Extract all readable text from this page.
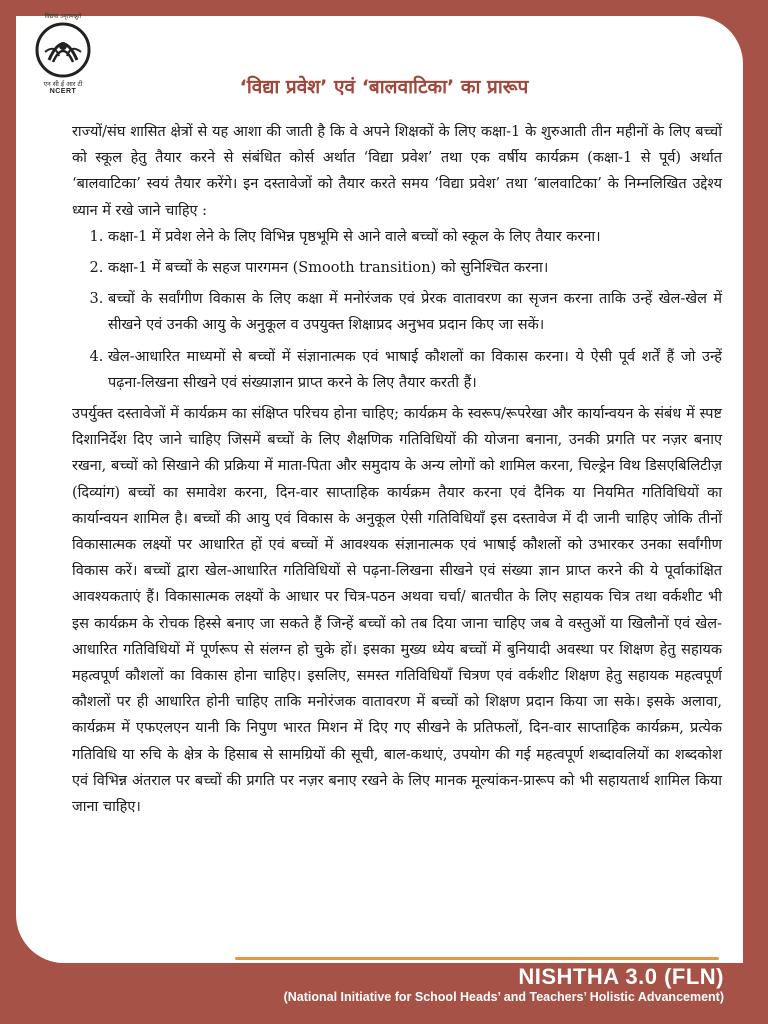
विद्यया ऽमृतमश्नुते
एन सी ई आर टी
NCERT	‘विद्या प्रवेश’ एवं ‘बालवाटिका’ का प्रारूप

राज्यों/संघ शासित क्षेत्रों से यह आशा की जाती है कि वे अपने शिक्षकों के लिए कक्षा-1 के शुरुआती तीन महीनों के लिए बच्चों को स्कूल हेतु तैयार करने से संबंधित कोर्स अर्थात ‘विद्या प्रवेश’ तथा एक वर्षीय कार्यक्रम (कक्षा-1 से पूर्व) अर्थात ‘बालवाटिका’ स्वयं तैयार करेंगे। इन दस्तावेजों को तैयार करते समय ‘विद्या प्रवेश’ तथा ‘बालवाटिका’ के निम्नलिखित उद्देश्य ध्यान में रखे जाने चाहिए :

1. कक्षा-1 में प्रवेश लेने के लिए विभिन्न पृष्ठभूमि से आने वाले बच्चों को स्कूल के लिए तैयार करना।
2. कक्षा-1 में बच्चों के सहज पारगमन (Smooth transition) को सुनिश्चित करना।
3. बच्चों के सर्वांगीण विकास के लिए कक्षा में मनोरंजक एवं प्रेरक वातावरण का सृजन करना ताकि उन्हें खेल-खेल में सीखने एवं उनकी आयु के अनुकूल व उपयुक्त शिक्षाप्रद अनुभव प्रदान किए जा सकें।
4. खेल-आधारित माध्यमों से बच्चों में संज्ञानात्मक एवं भाषाई कौशलों का विकास करना। ये ऐसी पूर्व शर्तें हैं जो उन्हें पढ़ना-लिखना सीखने एवं संख्याज्ञान प्राप्त करने के लिए तैयार करती हैं।

उपर्युक्त दस्तावेजों में कार्यक्रम का संक्षिप्त परिचय होना चाहिए; कार्यक्रम के स्वरूप/रूपरेखा और कार्यान्वयन के संबंध में स्पष्ट दिशानिर्देश दिए जाने चाहिए जिसमें बच्चों के लिए शैक्षणिक गतिविधियों की योजना बनाना, उनकी प्रगति पर नज़र बनाए रखना, बच्चों को सिखाने की प्रक्रिया में माता-पिता और समुदाय के अन्य लोगों को शामिल करना, चिल्ड्रेन विथ डिसएबिलिटीज़ (दिव्यांग) बच्चों का समावेश करना, दिन-वार साप्ताहिक कार्यक्रम तैयार करना एवं दैनिक या नियमित गतिविधियों का कार्यान्वयन शामिल है। बच्चों की आयु एवं विकास के अनुकूल ऐसी गतिविधियाँ इस दस्तावेज में दी जानी चाहिए जोकि तीनों विकासात्मक लक्ष्यों पर आधारित हों एवं बच्चों में आवश्यक संज्ञानात्मक एवं भाषाई कौशलों को उभारकर उनका सर्वांगीण विकास करें। बच्चों द्वारा खेल-आधारित गतिविधियों से पढ़ना-लिखना सीखने एवं संख्या ज्ञान प्राप्त करने की ये पूर्वाकांक्षित आवश्यकताएं हैं। विकासात्मक लक्ष्यों के आधार पर चित्र-पठन अथवा चर्चा/ बातचीत के लिए सहायक चित्र तथा वर्कशीट भी इस कार्यक्रम के रोचक हिस्से बनाए जा सकते हैं जिन्हें बच्चों को तब दिया जाना चाहिए जब वे वस्तुओं या खिलौनों एवं खेल-आधारित गतिविधियों में पूर्णरूप से संलग्न हो चुके हों। इसका मुख्य ध्येय बच्चों में बुनियादी अवस्था पर शिक्षण हेतु सहायक महत्वपूर्ण कौशलों का विकास होना चाहिए। इसलिए, समस्त गतिविधियाँ चित्रण एवं वर्कशीट शिक्षण हेतु सहायक महत्वपूर्ण कौशलों पर ही आधारित होनी चाहिए ताकि मनोरंजक वातावरण में बच्चों को शिक्षण प्रदान किया जा सके। इसके अलावा, कार्यक्रम में एफएलएन यानी कि निपुण भारत मिशन में दिए गए सीखने के प्रतिफलों, दिन-वार साप्ताहिक कार्यक्रम, प्रत्येक गतिविधि या रुचि के क्षेत्र के हिसाब से सामग्रियों की सूची, बाल-कथाएं, उपयोग की गई महत्वपूर्ण शब्दावलियों का शब्दकोश एवं विभिन्न अंतराल पर बच्चों की प्रगति पर नज़र बनाए रखने के लिए मानक मूल्यांकन-प्रारूप को भी सहायतार्थ शामिल किया जाना चाहिए।

NISHTHA 3.0 (FLN)
(National Initiative for School Heads’ and Teachers’ Holistic Advancement)
